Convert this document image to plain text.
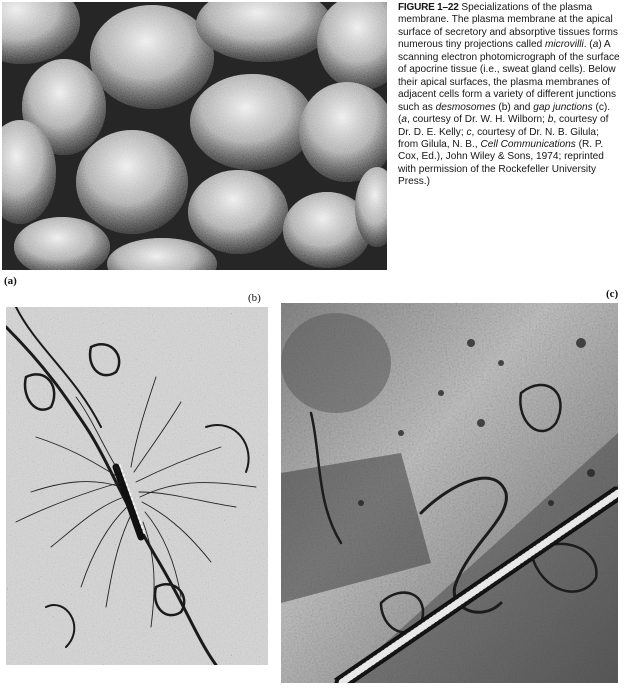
(a)
(b)	(c)
FIGURE 1–22 Specializations of the plasma membrane. The plasma membrane at the apical surface of secretory and absorptive tissues forms numerous tiny projections called microvilli. (a) A scanning electron photomicrograph of the surface of apocrine tissue (i.e., sweat gland cells). Below their apical surfaces, the plasma membranes of adjacent cells form a variety of different junctions such as desmosomes (b) and gap junctions (c). (a, courtesy of Dr. W. H. Wilborn; b, courtesy of Dr. D. E. Kelly; c, courtesy of Dr. N. B. Gilula; from Gilula, N. B., Cell Communications (R. P. Cox, Ed.), John Wiley & Sons, 1974; reprinted with permission of the Rockefeller University Press.)
